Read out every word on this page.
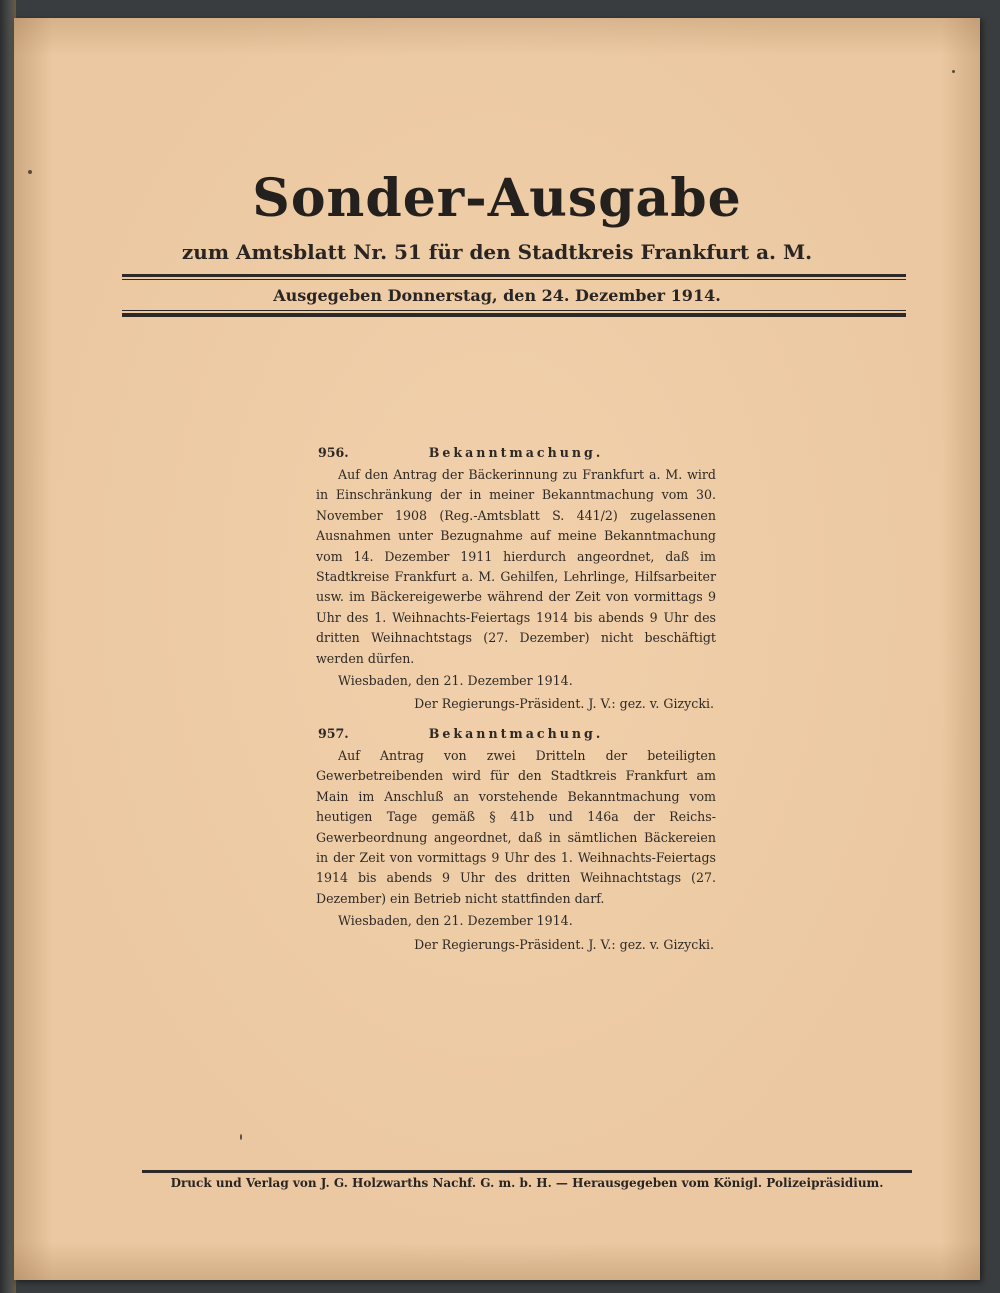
Sonder-Ausgabe
zum Amtsblatt Nr. 51 für den Stadtkreis Frankfurt a. M.
Ausgegeben Donnerstag, den 24. Dezember 1914.
956.	Bekanntmachung.

Auf den Antrag der Bäckerinnung zu Frankfurt a. M. wird in Einschränkung der in meiner Bekanntmachung vom 30. November 1908 (Reg.-Amtsblatt S. 441/2) zugelassenen Ausnahmen unter Bezugnahme auf meine Bekanntmachung vom 14. Dezember 1911 hierdurch angeordnet, daß im Stadtkreise Frankfurt a. M. Gehilfen, Lehrlinge, Hilfsarbeiter usw. im Bäckereigewerbe während der Zeit von vormittags 9 Uhr des 1. Weihnachts-Feiertags 1914 bis abends 9 Uhr des dritten Weihnachtstags (27. Dezember) nicht beschäftigt werden dürfen.

Wiesbaden, den 21. Dezember 1914.
Der Regierungs-Präsident. J. V.: gez. v. Gizycki.
957.	Bekanntmachung.

Auf Antrag von zwei Dritteln der beteiligten Gewerbetreibenden wird für den Stadtkreis Frankfurt am Main im Anschluß an vorstehende Bekanntmachung vom heutigen Tage gemäß § 41b und 146a der Reichs-Gewerbeordnung angeordnet, daß in sämtlichen Bäckereien in der Zeit von vormittags 9 Uhr des 1. Weihnachts-Feiertags 1914 bis abends 9 Uhr des dritten Weihnachtstags (27. Dezember) ein Betrieb nicht stattfinden darf.

Wiesbaden, den 21. Dezember 1914.
Der Regierungs-Präsident. J. V.: gez. v. Gizycki.
Druck und Verlag von J. G. Holzwarths Nachf. G. m. b. H. — Herausgegeben vom Königl. Polizeipräsidium.
